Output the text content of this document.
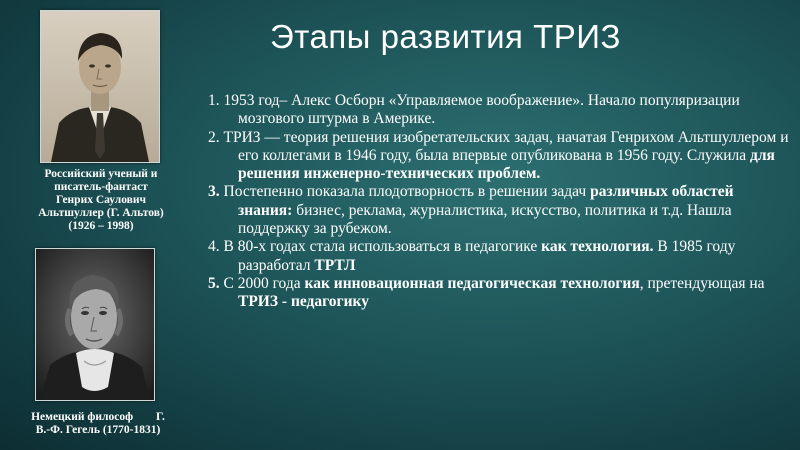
Этапы развития ТРИЗ
Российский ученый и
писатель-фантаст
Генрих Саулович
Альтшуллер (Г. Альтов)
(1926 – 1998)
Немецкий философ        Г.
В.-Ф. Гегель (1770-1831)
1. 1953 год– Алекс Осборн «Управляемое воображение». Начало популяризации мозгового штурма в Америке.
2. ТРИЗ — теория решения изобретательских задач, начатая Генрихом Альтшуллером и его коллегами в 1946 году, была впервые опубликована в 1956 году. Служила для решения инженерно-технических проблем.
3. Постепенно показала плодотворность в решении задач различных областей знания: бизнес, реклама, журналистика, искусство, политика и т.д. Нашла поддержку за рубежом.
4. В 80-х годах стала использоваться в педагогике как технология. В 1985 году разработал ТРТЛ
5. С 2000 года как инновационная педагогическая технология, претендующая на ТРИЗ - педагогику
